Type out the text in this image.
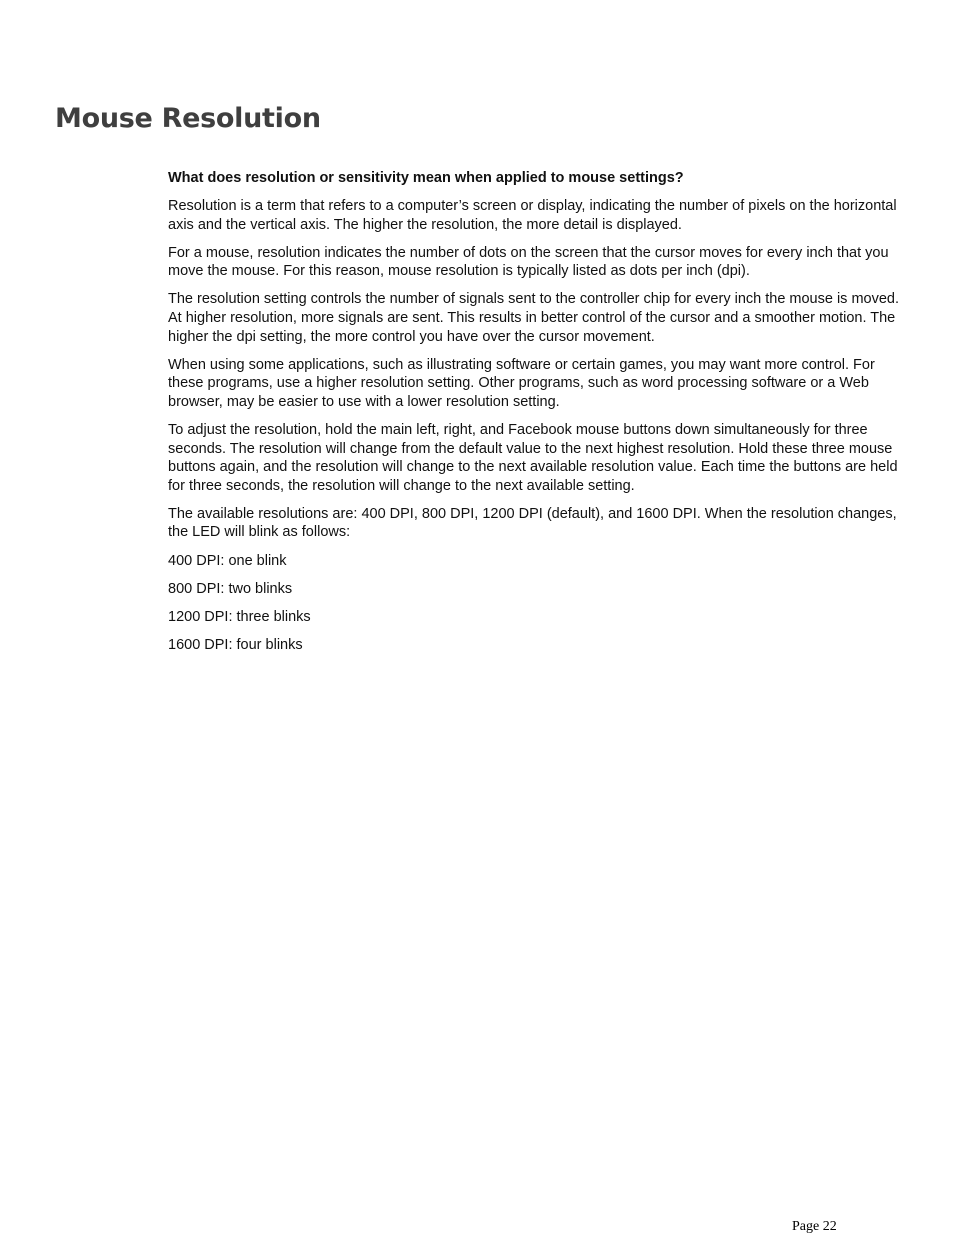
Mouse Resolution

What does resolution or sensitivity mean when applied to mouse settings?

Resolution is a term that refers to a computer’s screen or display, indicating the number of pixels on the horizontal axis and the vertical axis. The higher the resolution, the more detail is displayed.

For a mouse, resolution indicates the number of dots on the screen that the cursor moves for every inch that you move the mouse. For this reason, mouse resolution is typically listed as dots per inch (dpi).

The resolution setting controls the number of signals sent to the controller chip for every inch the mouse is moved. At higher resolution, more signals are sent. This results in better control of the cursor and a smoother motion. The higher the dpi setting, the more control you have over the cursor movement.

When using some applications, such as illustrating software or certain games, you may want more control. For these programs, use a higher resolution setting. Other programs, such as word processing software or a Web browser, may be easier to use with a lower resolution setting.

To adjust the resolution, hold the main left, right, and Facebook mouse buttons down simultaneously for three seconds. The resolution will change from the default value to the next highest resolution. Hold these three mouse buttons again, and the resolution will change to the next available resolution value. Each time the buttons are held for three seconds, the resolution will change to the next available setting.

The available resolutions are: 400 DPI, 800 DPI, 1200 DPI (default), and 1600 DPI. When the resolution changes, the LED will blink as follows:

400 DPI: one blink

800 DPI: two blinks

1200 DPI: three blinks

1600 DPI: four blinks

Page 22
